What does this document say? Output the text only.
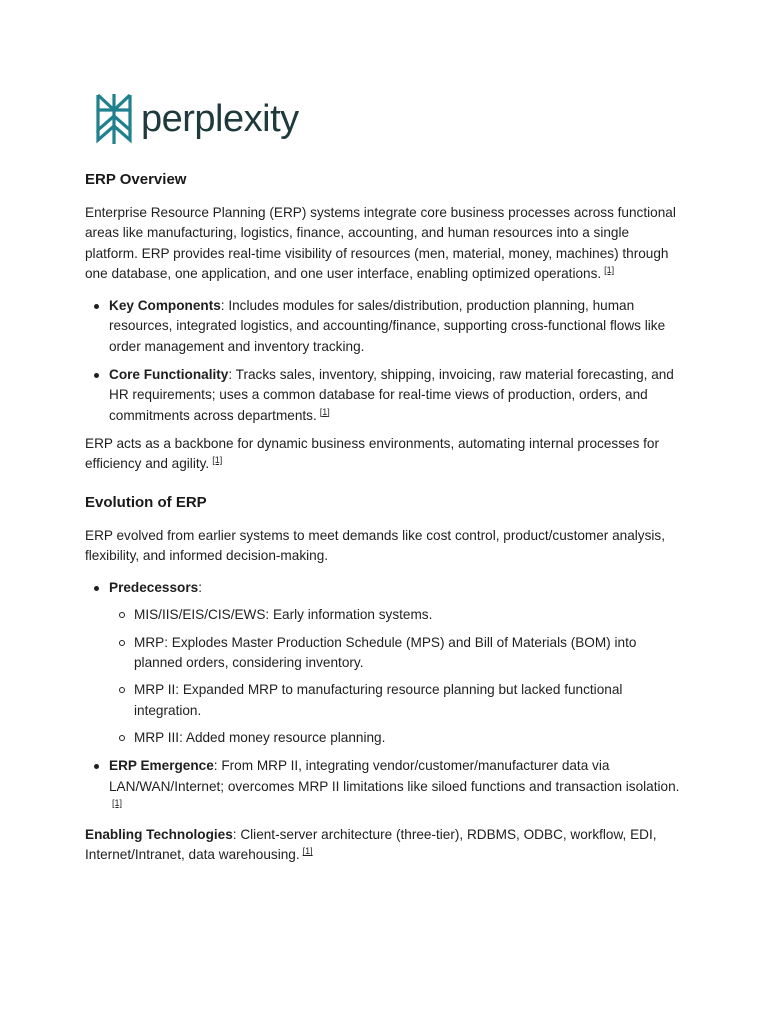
perplexity
ERP Overview

Enterprise Resource Planning (ERP) systems integrate core business processes across functional areas like manufacturing, logistics, finance, accounting, and human resources into a single platform. ERP provides real-time visibility of resources (men, material, money, machines) through one database, one application, and one user interface, enabling optimized operations. [1]

Key Components: Includes modules for sales/distribution, production planning, human resources, integrated logistics, and accounting/finance, supporting cross-functional flows like order management and inventory tracking.
Core Functionality: Tracks sales, inventory, shipping, invoicing, raw material forecasting, and HR requirements; uses a common database for real-time views of production, orders, and commitments across departments. [1]

ERP acts as a backbone for dynamic business environments, automating internal processes for efficiency and agility. [1]

Evolution of ERP

ERP evolved from earlier systems to meet demands like cost control, product/customer analysis, flexibility, and informed decision-making.

Predecessors:
MIS/IIS/EIS/CIS/EWS: Early information systems.
MRP: Explodes Master Production Schedule (MPS) and Bill of Materials (BOM) into planned orders, considering inventory.
MRP II: Expanded MRP to manufacturing resource planning but lacked functional integration.
MRP III: Added money resource planning.
ERP Emergence: From MRP II, integrating vendor/customer/manufacturer data via LAN/WAN/Internet; overcomes MRP II limitations like siloed functions and transaction isolation.[1]

Enabling Technologies: Client-server architecture (three-tier), RDBMS, ODBC, workflow, EDI, Internet/Intranet, data warehousing. [1]
